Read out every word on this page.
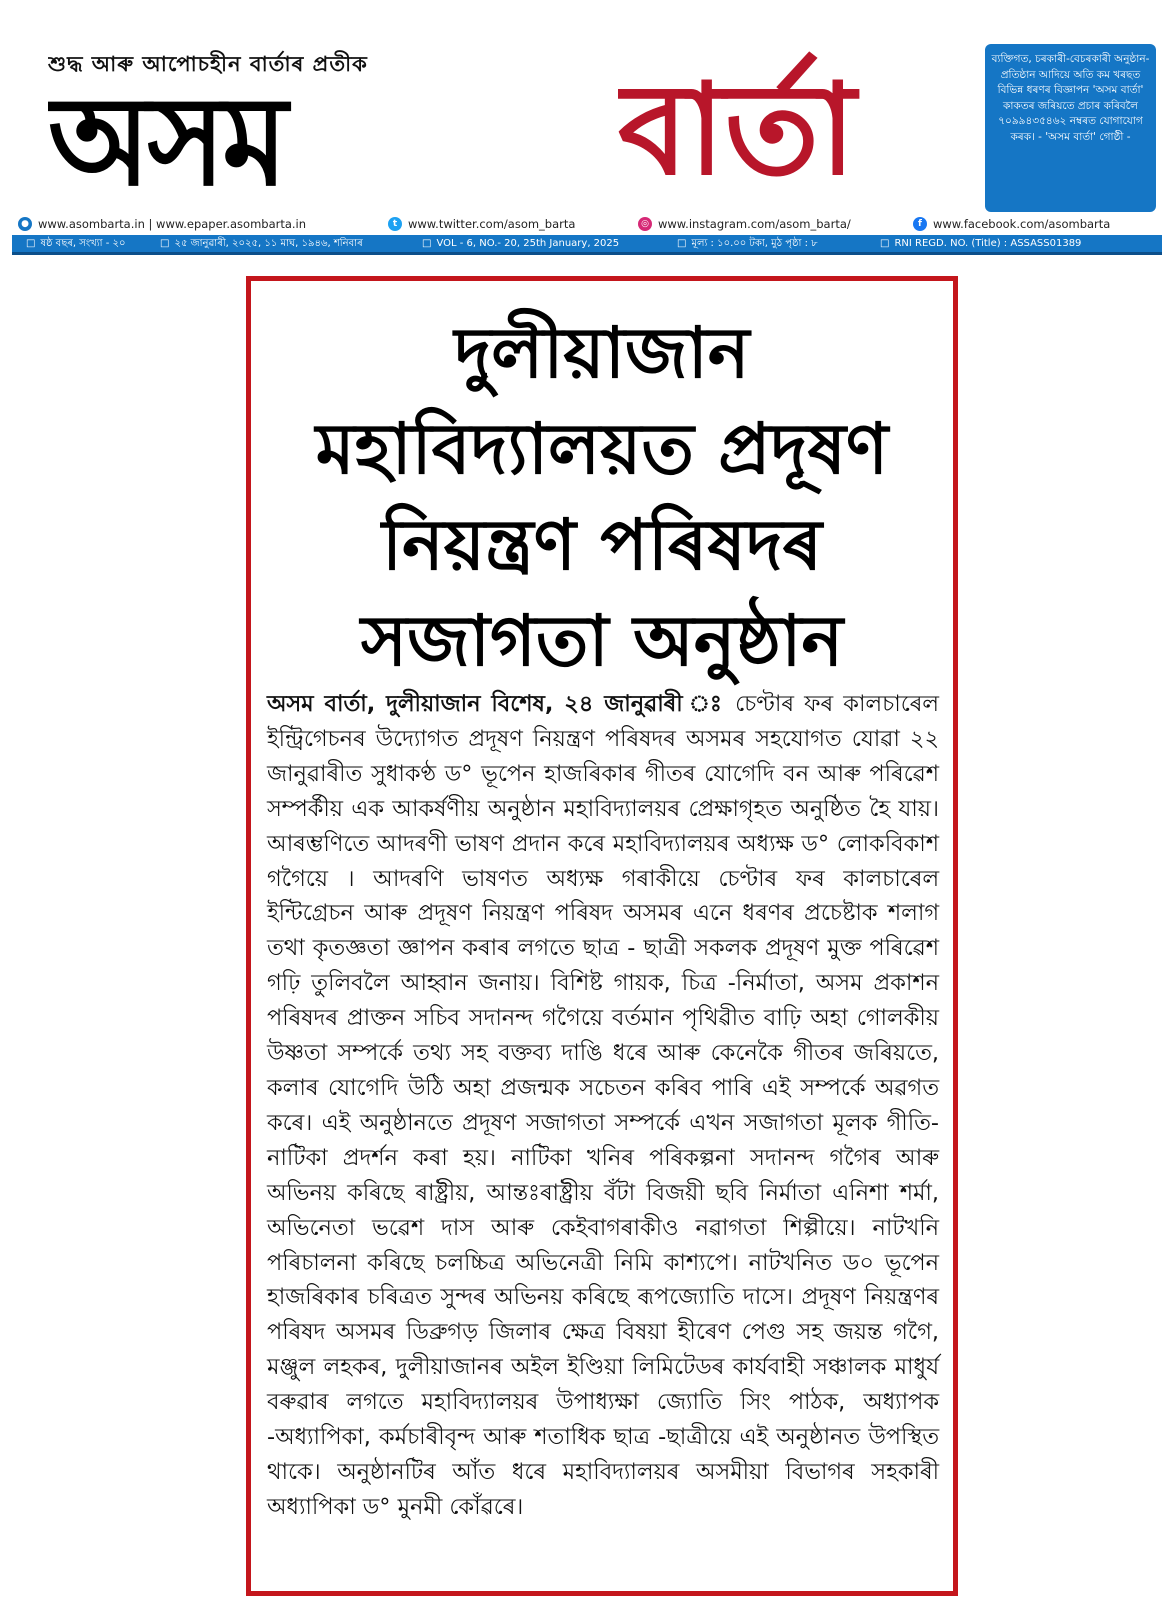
শুদ্ধ আৰু আপোচহীন বাৰ্তাৰ প্ৰতীক
অসম	বাৰ্তা	ব্যক্তিগত, চৰকাৰী-বেচৰকাৰী অনুষ্ঠান-প্ৰতিষ্ঠান আদিয়ে অতি কম খৰছত বিভিন্ন ধৰণৰ বিজ্ঞাপন 'অসম বাৰ্তা' কাকতৰ জৰিয়তে প্ৰচাৰ কৰিবলৈ ৭০৯৯৪৩৫৪৬২ নম্বৰত যোগাযোগ কৰক। - 'অসম বাৰ্তা' গোষ্ঠী -
● www.asombarta.in | www.epaper.asombarta.in	t www.twitter.com/asom_barta	◎ www.instagram.com/asom_barta/	f www.facebook.com/asombarta
□ ষষ্ঠ বছৰ, সংখ্যা - ২০	□ ২৫ জানুৱাৰী, ২০২৫, ১১ মাঘ, ১৯৪৬, শনিবাৰ	□ VOL - 6, NO.- 20, 25th January, 2025	□ মূল্য : ১০.০০ টকা, মুঠ পৃষ্ঠা : ৮	□ RNI REGD. NO. (Title) : ASSASS01389
দুলীয়াজান
মহাবিদ্যালয়ত প্ৰদূষণ
নিয়ন্ত্ৰণ পৰিষদৰ
সজাগতা অনুষ্ঠান

অসম বাৰ্তা, দুলীয়াজান বিশেষ, ২৪ জানুৱাৰী ঃ চেণ্টাৰ ফৰ কালচাৰেল ইন্ট্ৰিগেচনৰ উদ্যোগত প্ৰদূষণ নিয়ন্ত্ৰণ পৰিষদৰ অসমৰ সহযোগত যোৱা ২২ জানুৱাৰীত সুধাকণ্ঠ ড° ভূপেন হাজৰিকাৰ গীতৰ যোগেদি বন আৰু পৰিৱেশ সম্পৰ্কীয় এক আকৰ্ষণীয় অনুষ্ঠান মহাবিদ্যালয়ৰ প্ৰেক্ষাগৃহত অনুষ্ঠিত হৈ যায়। আৰম্ভণিতে আদৰণী ভাষণ প্ৰদান কৰে মহাবিদ্যালয়ৰ অধ্যক্ষ ড° লোকবিকাশ গগৈয়ে । আদৰণি ভাষণত অধ্যক্ষ গৰাকীয়ে চেণ্টাৰ ফৰ কালচাৰেল ইন্টিগ্ৰেচন আৰু প্ৰদূষণ নিয়ন্ত্ৰণ পৰিষদ অসমৰ এনে ধৰণৰ প্ৰচেষ্টাক শলাগ তথা কৃতজ্ঞতা জ্ঞাপন কৰাৰ লগতে ছাত্ৰ - ছাত্ৰী সকলক প্ৰদূষণ মুক্ত পৰিৱেশ গঢ়ি তুলিবলৈ আহ্বান জনায়। বিশিষ্ট গায়ক, চিত্ৰ -নিৰ্মাতা, অসম প্ৰকাশন পৰিষদৰ প্ৰাক্তন সচিব সদানন্দ গগৈয়ে বৰ্তমান পৃথিৱীত বাঢ়ি অহা গোলকীয় উষ্ণতা সম্পৰ্কে তথ্য সহ বক্তব্য দাঙি ধৰে আৰু কেনেকৈ গীতৰ জৰিয়তে, কলাৰ যোগেদি উঠি অহা প্ৰজন্মক সচেতন কৰিব পাৰি এই সম্পৰ্কে অৱগত কৰে। এই অনুষ্ঠানতে প্ৰদূষণ সজাগতা সম্পৰ্কে এখন সজাগতা মূলক গীতি-নাটিকা প্ৰদৰ্শন কৰা হয়। নাটিকা খনিৰ পৰিকল্পনা সদানন্দ গগৈৰ আৰু অভিনয় কৰিছে ৰাষ্ট্ৰীয়, আন্তঃৰাষ্ট্ৰীয় বঁটা বিজয়ী ছবি নিৰ্মাতা এনিশা শৰ্মা, অভিনেতা ভৱেশ দাস আৰু কেইবাগৰাকীও নৱাগতা শিল্পীয়ে। নাটখনি পৰিচালনা কৰিছে চলচ্চিত্ৰ অভিনেত্ৰী নিমি কাশ্যপে। নাটখনিত ড০ ভূপেন হাজৰিকাৰ চৰিত্ৰত সুন্দৰ অভিনয় কৰিছে ৰূপজ্যোতি দাসে। প্ৰদূষণ নিয়ন্ত্ৰণৰ পৰিষদ অসমৰ ডিব্ৰুগড় জিলাৰ ক্ষেত্ৰ বিষয়া হীৰেণ পেগু সহ জয়ন্ত গগৈ, মঞ্জুল লহকৰ, দুলীয়াজানৰ অইল ইণ্ডিয়া লিমিটেডৰ কাৰ্যবাহী সঞ্চালক মাধুৰ্য বৰুৱাৰ লগতে মহাবিদ্যালয়ৰ উপাধ্যক্ষা জ্যোতি সিং পাঠক, অধ্যাপক -অধ্যাপিকা, কৰ্মচাৰীবৃন্দ আৰু শতাধিক ছাত্ৰ -ছাত্ৰীয়ে এই অনুষ্ঠানত উপস্থিত থাকে। অনুষ্ঠানটিৰ আঁত ধৰে মহাবিদ্যালয়ৰ অসমীয়া বিভাগৰ সহকাৰী অধ্যাপিকা ড° মুনমী কোঁৱৰে।
